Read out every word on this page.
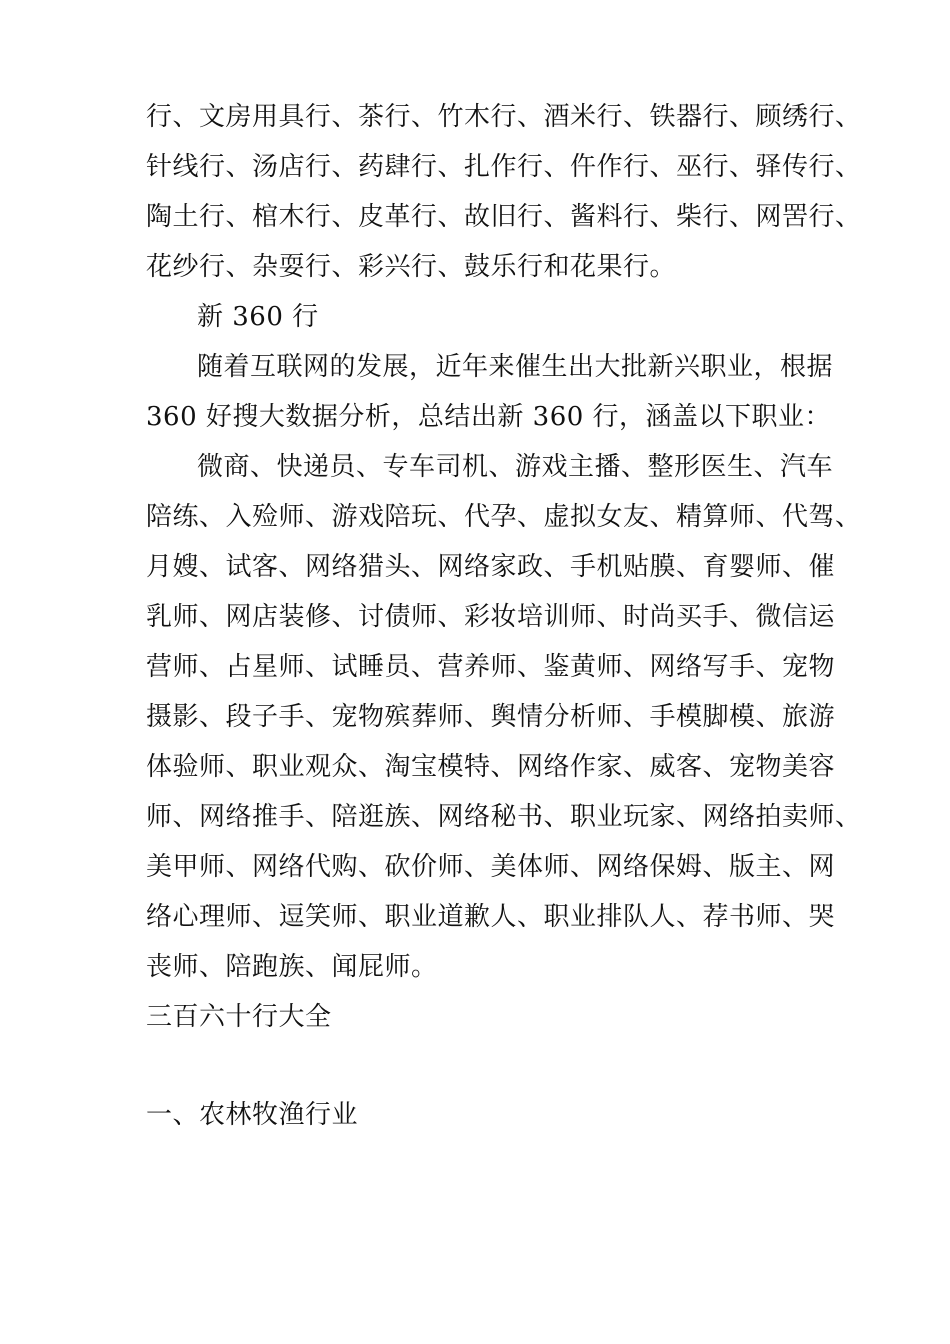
行、文房用具行、茶行、竹木行、酒米行、铁器行、顾绣行、
针线行、汤店行、药肆行、扎作行、仵作行、巫行、驿传行、
陶土行、棺木行、皮革行、故旧行、酱料行、柴行、网罟行、
花纱行、杂耍行、彩兴行、鼓乐行和花果行。
新 360 行
随着互联网的发展，近年来催生出大批新兴职业，根据
360 好搜大数据分析，总结出新 360 行，涵盖以下职业：
微商、快递员、专车司机、游戏主播、整形医生、汽车
陪练、入殓师、游戏陪玩、代孕、虚拟女友、精算师、代驾、
月嫂、试客、网络猎头、网络家政、手机贴膜、育婴师、催
乳师、网店装修、讨债师、彩妆培训师、时尚买手、微信运
营师、占星师、试睡员、营养师、鉴黄师、网络写手、宠物
摄影、段子手、宠物殡葬师、舆情分析师、手模脚模、旅游
体验师、职业观众、淘宝模特、网络作家、威客、宠物美容
师、网络推手、陪逛族、网络秘书、职业玩家、网络拍卖师、
美甲师、网络代购、砍价师、美体师、网络保姆、版主、网
络心理师、逗笑师、职业道歉人、职业排队人、荐书师、哭
丧师、陪跑族、闻屁师。
三百六十行大全
一、农林牧渔行业
